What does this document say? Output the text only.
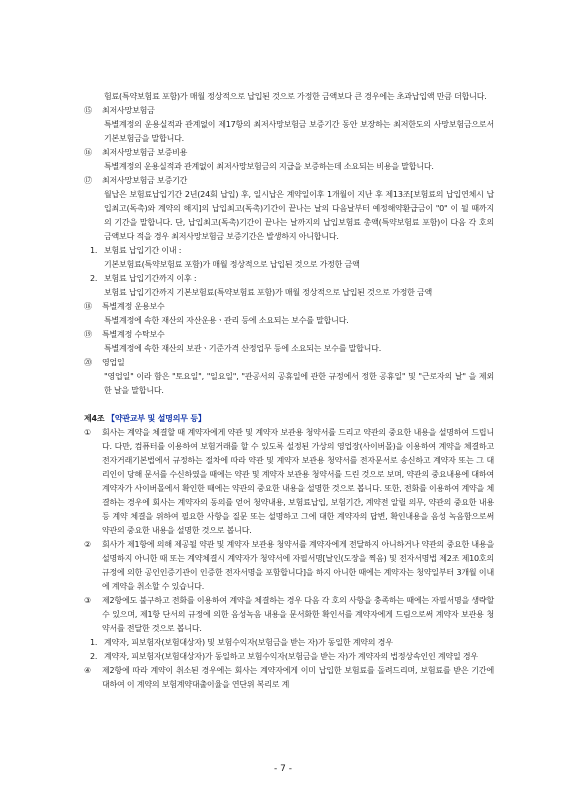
험료(특약보험료 포함)가 매월 정상적으로 납입된 것으로 가정한 금액보다 큰 경우에는 초과납입액 만큼 더합니다.

⑮	최저사망보험금

특별계정의 운용실적과 관계없이 제17항의 최저사망보험금 보증기간 동안 보장하는 최저한도의 사망보험금으로서 기본보험금을 말합니다.

⑯	최저사망보험금 보증비용

특별계정의 운용실적과 관계없이 최저사망보험금의 지급을 보증하는데 소요되는 비용을 말합니다.

⑰	최저사망보험금 보증기간

월납은 보험료납입기간 2년(24회 납입) 후, 일시납은 계약일이후 1개월이 지난 후 제13조[보험료의 납입연체시 납입최고(독촉)와 계약의 해지]의 납입최고(독촉)기간이 끝나는 날의 다음날부터 예정해약환급금이 "0" 이 될 때까지의 기간을 말합니다. 단, 납입최고(독촉)기간이 끝나는 날까지의 납입보험료 총액(특약보험료 포함)이 다음 각 호의 금액보다 적을 경우 최저사망보험금 보증기간은 발생하지 아니합니다.

1. 보험료 납입기간 이내 :

기본보험료(특약보험료 포함)가 매월 정상적으로 납입된 것으로 가정한 금액

2. 보험료 납입기간까지 이후 :

보험료 납입기간까지 기본보험료(특약보험료 포함)가 매월 정상적으로 납입된 것으로 가정한 금액

⑱	특별계정 운용보수

특별계정에 속한 재산의 자산운용ㆍ관리 등에 소요되는 보수를 말합니다.

⑲	특별계정 수탁보수

특별계정에 속한 재산의 보관ㆍ기준가격 산정업무 등에 소요되는 보수를 말합니다.

⑳	영업일

"영업일" 이라 함은 "토요일", "일요일", "관공서의 공휴일에 관한 규정에서 정한 공휴일" 및 "근로자의 날" 을 제외한 날을 말합니다.

제4조 【약관교부 및 설명의무 등】
①	회사는 계약을 체결할 때 계약자에게 약관 및 계약자 보관용 청약서를 드리고 약관의 중요한 내용을 설명하여 드립니다. 다만, 컴퓨터를 이용하여 보험거래를 할 수 있도록 설정된 가상의 영업장(사이버몰)을 이용하여 계약을 체결하고 전자거래기본법에서 규정하는 절차에 따라 약관 및 계약자 보관용 청약서를 전자문서로 송신하고 계약자 또는 그 대리인이 당해 문서를 수신하였을 때에는 약관 및 계약자 보관용 청약서를 드린 것으로 보며, 약관의 중요내용에 대하여 계약자가 사이버몰에서 확인한 때에는 약관의 중요한 내용을 설명한 것으로 봅니다. 또한, 전화를 이용하여 계약을 체결하는 경우에 회사는 계약자의 동의를 얻어 청약내용, 보험료납입, 보험기간, 계약전 알릴 의무, 약관의 중요한 내용 등 계약 체결을 위하여 필요한 사항을 질문 또는 설명하고 그에 대한 계약자의 답변, 확인내용을 음성 녹음함으로써 약관의 중요한 내용을 설명한 것으로 봅니다.
②	회사가 제1항에 의해 제공될 약관 및 계약자 보관용 청약서를 계약자에게 전달하지 아니하거나 약관의 중요한 내용을 설명하지 아니한 때 또는 계약체결시 계약자가 청약서에 자필서명[날인(도장을 찍음) 및 전자서명법 제2조 제10호의 규정에 의한 공인인증기관이 인증한 전자서명을 포함합니다]을 하지 아니한 때에는 계약자는 청약일부터 3개월 이내에 계약을 취소할 수 있습니다.
③	제2항에도 불구하고 전화를 이용하여 계약을 체결하는 경우 다음 각 호의 사항을 충족하는 때에는 자필서명을 생략할 수 있으며, 제1항 단서의 규정에 의한 음성녹음 내용을 문서화한 확인서를 계약자에게 드림으로써 계약자 보관용 청약서를 전달한 것으로 봅니다.
1. 계약자, 피보험자(보험대상자) 및 보험수익자(보험금을 받는 자)가 동일한 계약의 경우
2. 계약자, 피보험자(보험대상자)가 동일하고 보험수익자(보험금을 받는 자)가 계약자의 법정상속인인 계약일 경우
④	제2항에 따라 계약이 취소된 경우에는 회사는 계약자에게 이미 납입한 보험료를 돌려드리며, 보험료를 받은 기간에 대하여 이 계약의 보험계약대출이율을 연단위 복리로 계
- 7 -
